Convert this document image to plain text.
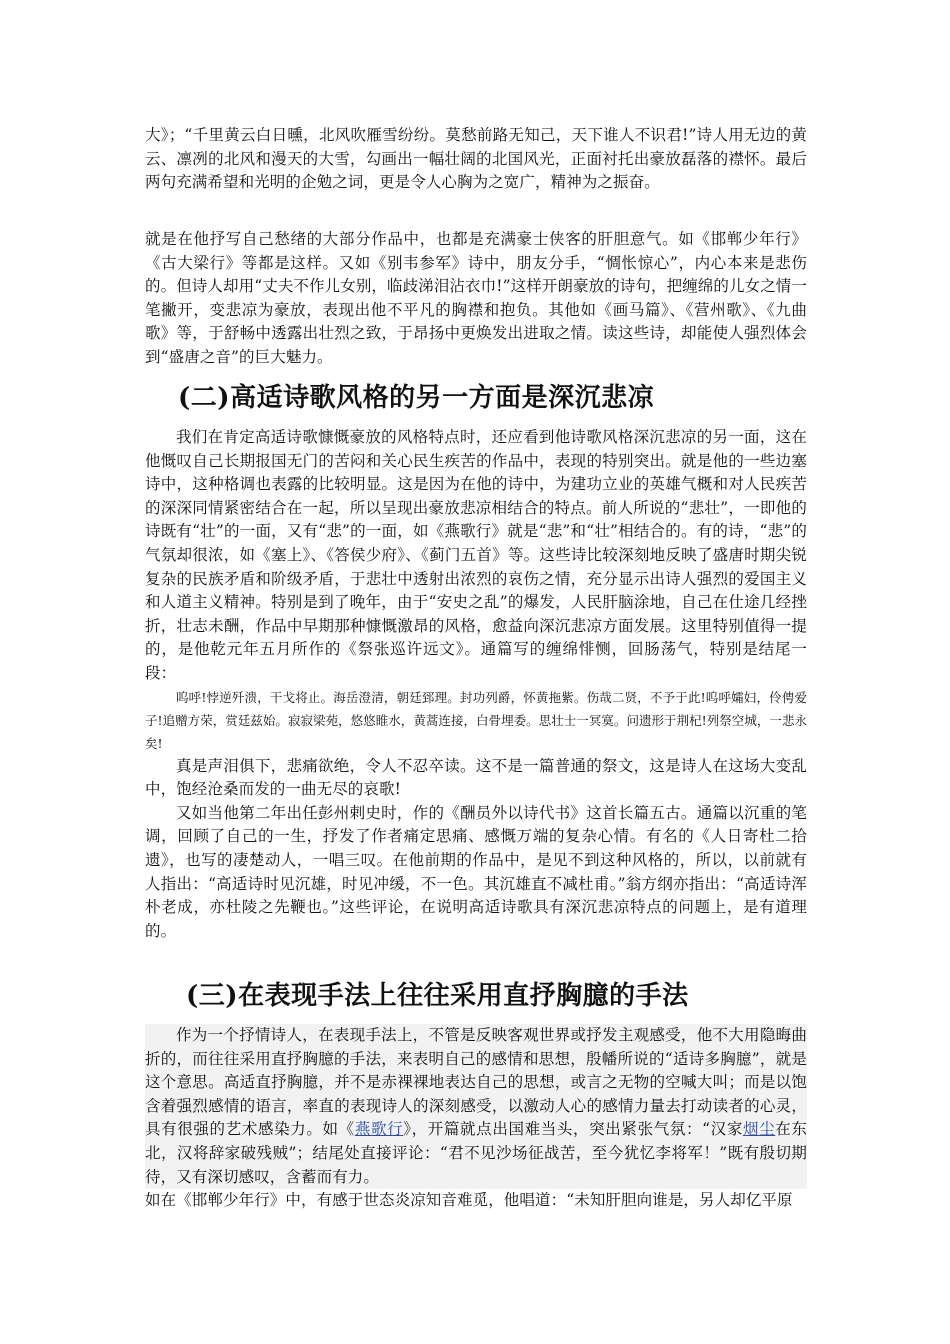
大》；“千里黄云白日曛，北风吹雁雪纷纷。莫愁前路无知己，天下谁人不识君!”诗人用无边的黄云、凛冽的北风和漫天的大雪，勾画出一幅壮阔的北国风光，正面衬托出豪放磊落的襟怀。最后两句充满希望和光明的企勉之词，更是令人心胸为之宽广，精神为之振奋。

就是在他抒写自己愁绪的大部分作品中，也都是充满豪士侠客的肝胆意气。如《邯郸少年行》《古大梁行》等都是这样。又如《别韦参军》诗中，朋友分手，“惆怅惊心”，内心本来是悲伤的。但诗人却用“丈夫不作儿女别，临歧涕泪沾衣巾!”这样开朗豪放的诗句，把缠绵的儿女之情一笔撇开，变悲凉为豪放，表现出他不平凡的胸襟和抱负。其他如《画马篇》、《营州歌》、《九曲歌》等，于舒畅中透露出壮烈之致，于昂扬中更焕发出进取之情。读这些诗，却能使人强烈体会到“盛唐之音”的巨大魅力。

(二)高适诗歌风格的另一方面是深沉悲凉

我们在肯定高适诗歌慷慨豪放的风格特点时，还应看到他诗歌风格深沉悲凉的另一面，这在他慨叹自己长期报国无门的苦闷和关心民生疾苦的作品中，表现的特别突出。就是他的一些边塞诗中，这种格调也表露的比较明显。这是因为在他的诗中，为建功立业的英雄气概和对人民疾苦的深深同情紧密结合在一起，所以呈现出豪放悲凉相结合的特点。前人所说的“悲壮”，一即他的诗既有“壮”的一面，又有“悲”的一面，如《燕歌行》就是“悲”和“壮”相结合的。有的诗，“悲”的气氛却很浓，如《塞上》、《答侯少府》、《蓟门五首》等。这些诗比较深刻地反映了盛唐时期尖锐复杂的民族矛盾和阶级矛盾，于悲壮中透射出浓烈的哀伤之情，充分显示出诗人强烈的爱国主义和人道主义精神。特别是到了晚年，由于“安史之乱”的爆发，人民肝脑涂地，自己在仕途几经挫折，壮志未酬，作品中早期那种慷慨激昂的风格，愈益向深沉悲凉方面发展。这里特别值得一提的，是他乾元年五月所作的《祭张巡许远文》。通篇写的缠绵悱恻，回肠荡气，特别是结尾一段：

呜呼!悖逆歼溃，干戈将止。海岳澄清，朝廷郅理。封功列爵，怀黄拖紫。伤哉二贤，不予于此!呜呼孀妇，伶俜爱子!追赠方荣，赏廷兹始。寂寂梁苑，悠悠睢水，黄蒿连接，白骨埋委。思壮士一冥寞。问遗形于荆杞!列祭空城，一悲永矣!

真是声泪俱下，悲痛欲绝，令人不忍卒读。这不是一篇普通的祭文，这是诗人在这场大变乱中，饱经沧桑而发的一曲无尽的哀歌!

又如当他第二年出任彭州剌史时，作的《酬员外以诗代书》这首长篇五古。通篇以沉重的笔调，回顾了自己的一生，抒发了作者痛定思痛、感慨万端的复杂心情。有名的《人日寄杜二拾遗》，也写的凄楚动人，一唱三叹。在他前期的作品中，是见不到这种风格的，所以，以前就有人指出：“高适诗时见沉雄，时见冲缓，不一色。其沉雄直不减杜甫。”翁方纲亦指出：“高适诗浑朴老成，亦杜陵之先鞭也。”这些评论，在说明高适诗歌具有深沉悲凉特点的问题上，是有道理的。

(三)在表现手法上往往采用直抒胸臆的手法

作为一个抒情诗人，在表现手法上，不管是反映客观世界或抒发主观感受，他不大用隐晦曲折的，而往往采用直抒胸臆的手法，来表明自己的感情和思想，殷幡所说的“适诗多胸臆”，就是这个意思。高适直抒胸臆，并不是赤裸裸地表达自己的思想，或言之无物的空喊大叫；而是以饱含着强烈感情的语言，率直的表现诗人的深刻感受，以激动人心的感情力量去打动读者的心灵，具有很强的艺术感染力。如《燕歌行》，开篇就点出国难当头，突出紧张气氛：“汉家烟尘在东北，汉将辞家破残贼”；结尾处直接评论：“君不见沙场征战苦，至今犹忆李将军！”既有殷切期待，又有深切感叹，含蓄而有力。

如在《邯郸少年行》中，有感于世态炎凉知音难觅，他唱道：“未知肝胆向谁是，另人却亿平原
